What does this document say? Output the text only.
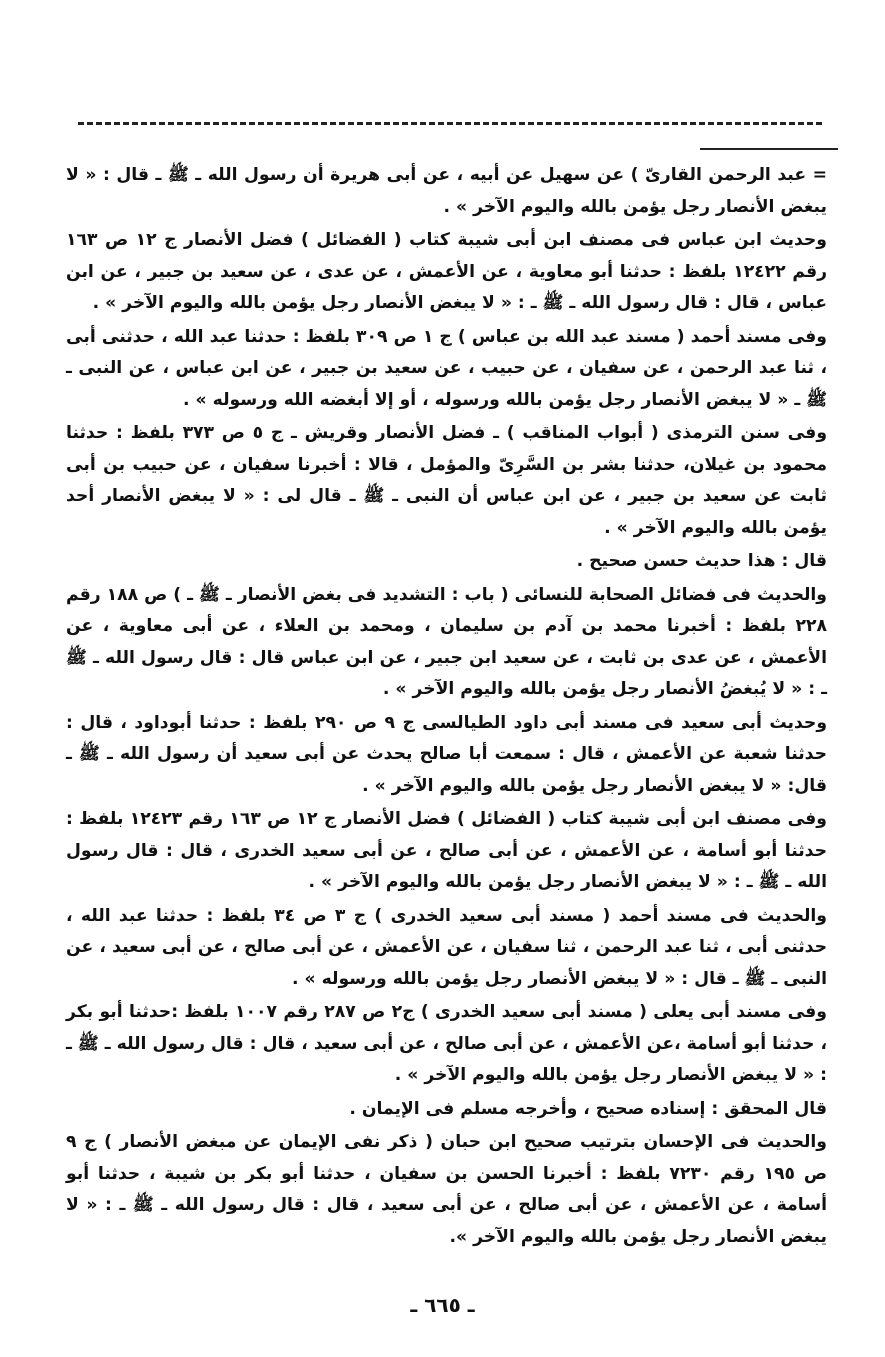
= عبد الرحمن القارىّ ) عن سهيل عن أبيه ، عن أبى هريرة أن رسول الله ـ ﷺ ـ قال : « لا يبغض الأنصار رجل يؤمن بالله واليوم الآخر » .

وحديث ابن عباس فى مصنف ابن أبى شيبة كتاب ( الفضائل ) فضل الأنصار ج ١٢ ص ١٦٣ رقم ١٢٤٢٢ بلفظ : حدثنا أبو معاوية ، عن الأعمش ، عن عدى ، عن سعيد بن جبير ، عن ابن عباس ، قال : قال رسول الله ـ ﷺ ـ : « لا يبغض الأنصار رجل يؤمن بالله واليوم الآخر » .

وفى مسند أحمد ( مسند عبد الله بن عباس ) ج ١ ص ٣٠٩ بلفظ : حدثنا عبد الله ، حدثنى أبى ، ثنا عبد الرحمن ، عن سفيان ، عن حبيب ، عن سعيد بن جبير ، عن ابن عباس ، عن النبى ـ ﷺ ـ « لا يبغض الأنصار رجل يؤمن بالله ورسوله ، أو إلا أبغضه الله ورسوله » .

وفى سنن الترمذى ( أبواب المناقب ) ـ فضل الأنصار وقريش ـ ج ٥ ص ٣٧٣ بلفظ : حدثنا محمود بن غيلان، حدثنا بشر بن السَّرِىّ والمؤمل ، قالا : أخبرنا سفيان ، عن حبيب بن أبى ثابت عن سعيد بن جبير ، عن ابن عباس أن النبى ـ ﷺ ـ قال لى : « لا يبغض الأنصار أحد يؤمن بالله واليوم الآخر » .

قال : هذا حديث حسن صحيح .

والحديث فى فضائل الصحابة للنسائى ( باب : التشديد فى بغض الأنصار ـ ﷺ ـ ) ص ١٨٨ رقم ٢٢٨ بلفظ : أخبرنا محمد بن آدم بن سليمان ، ومحمد بن العلاء ، عن أبى معاوية ، عن الأعمش ، عن عدى بن ثابت ، عن سعيد ابن جبير ، عن ابن عباس قال : قال رسول الله ـ ﷺ ـ : « لا يُبغضُ الأنصار رجل يؤمن بالله واليوم الآخر » .

وحديث أبى سعيد فى مسند أبى داود الطيالسى ج ٩ ص ٢٩٠ بلفظ : حدثنا أبوداود ، قال : حدثنا شعبة عن الأعمش ، قال : سمعت أبا صالح يحدث عن أبى سعيد أن رسول الله ـ ﷺ ـ قال: « لا يبغض الأنصار رجل يؤمن بالله واليوم الآخر » .

وفى مصنف ابن أبى شيبة كتاب ( الفضائل ) فضل الأنصار ج ١٢ ص ١٦٣ رقم ١٢٤٢٣ بلفظ : حدثنا أبو أسامة ، عن الأعمش ، عن أبى صالح ، عن أبى سعيد الخدرى ، قال : قال رسول الله ـ ﷺ ـ : « لا يبغض الأنصار رجل يؤمن بالله واليوم الآخر » .

والحديث فى مسند أحمد ( مسند أبى سعيد الخدرى ) ج ٣ ص ٣٤ بلفظ : حدثنا عبد الله ، حدثنى أبى ، ثنا عبد الرحمن ، ثنا سفيان ، عن الأعمش ، عن أبى صالح ، عن أبى سعيد ، عن النبى ـ ﷺ ـ قال : « لا يبغض الأنصار رجل يؤمن بالله ورسوله » .

وفى مسند أبى يعلى ( مسند أبى سعيد الخدرى ) ج٢ ص ٢٨٧ رقم ١٠٠٧ بلفظ :حدثنا أبو بكر ، حدثنا أبو أسامة ،عن الأعمش ، عن أبى صالح ، عن أبى سعيد ، قال : قال رسول الله ـ ﷺ ـ : « لا يبغض الأنصار رجل يؤمن بالله واليوم الآخر » .

قال المحقق : إسناده صحيح ، وأخرجه مسلم فى الإيمان .

والحديث فى الإحسان بترتيب صحيح ابن حبان ( ذكر نفى الإيمان عن مبغض الأنصار ) ج ٩ ص ١٩٥ رقم ٧٢٣٠ بلفظ : أخبرنا الحسن بن سفيان ، حدثنا أبو بكر بن شيبة ، حدثنا أبو أسامة ، عن الأعمش ، عن أبى صالح ، عن أبى سعيد ، قال : قال رسول الله ـ ﷺ ـ : « لا يبغض الأنصار رجل يؤمن بالله واليوم الآخر ».

ـ ٦٦٥ ـ
